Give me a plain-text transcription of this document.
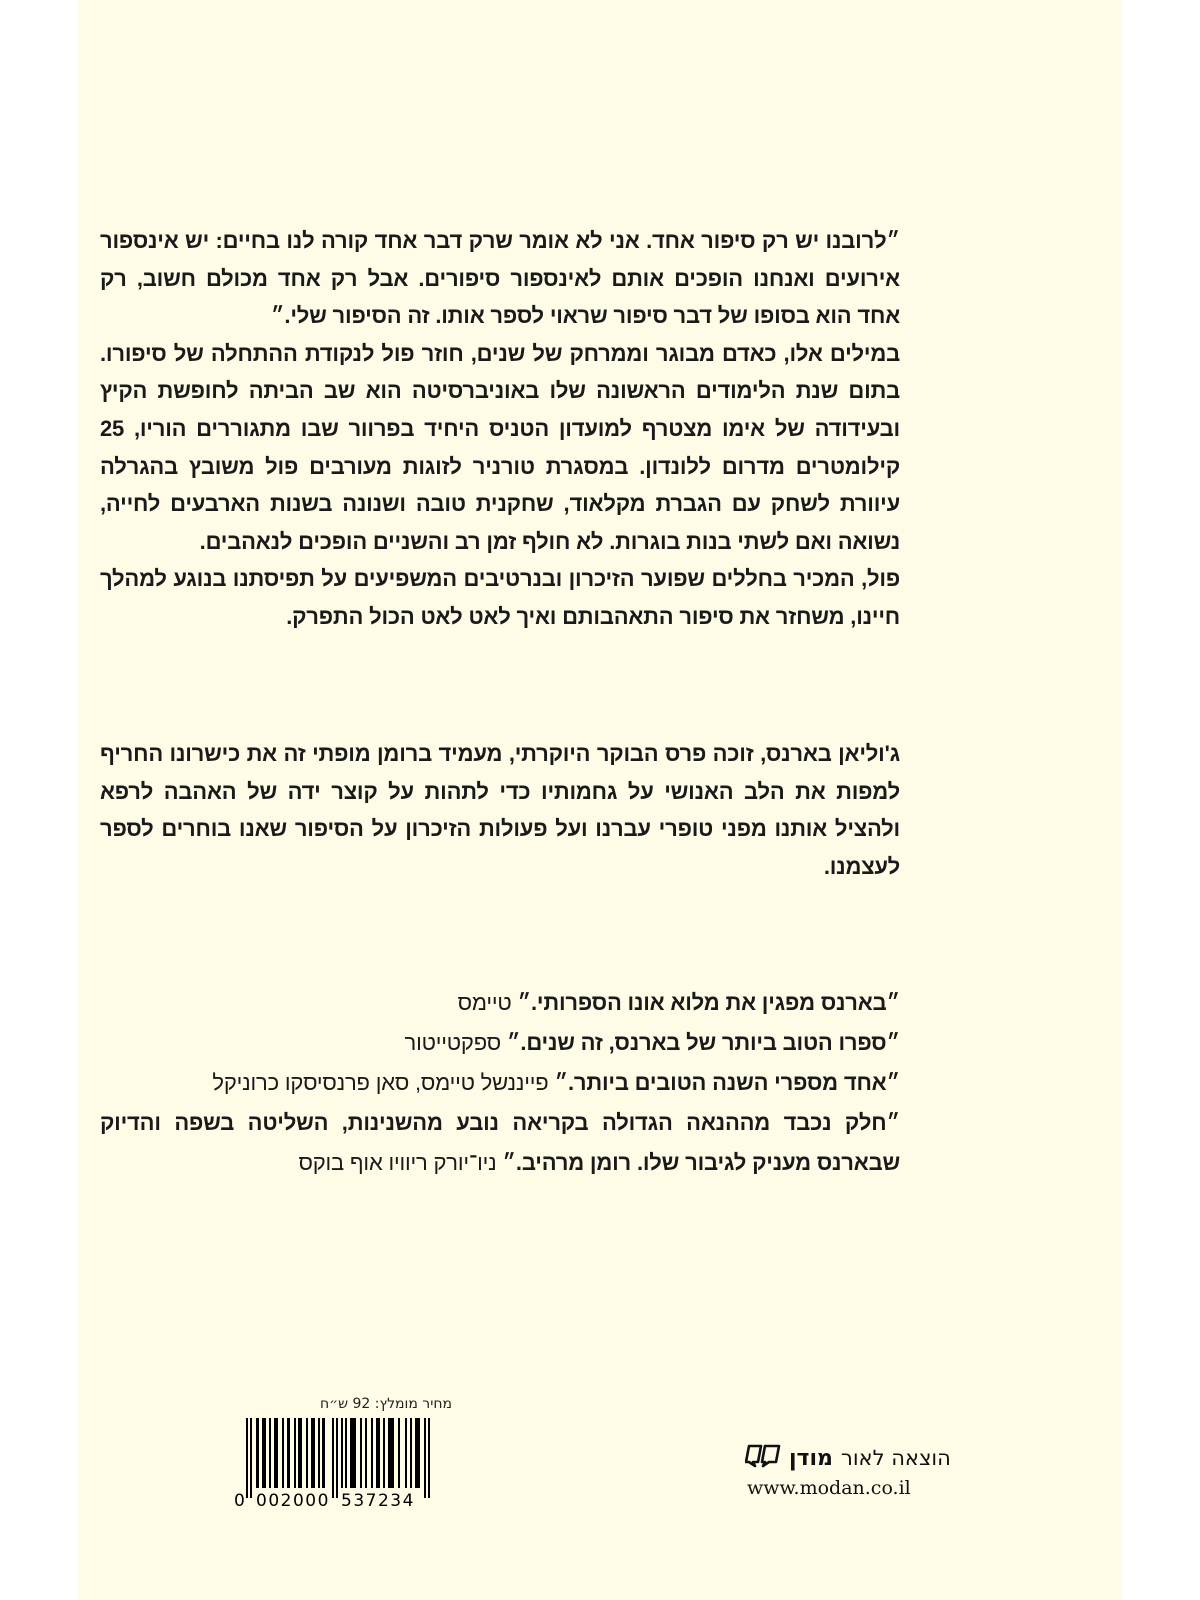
״לרובנו יש רק סיפור אחד. אני לא אומר שרק דבר אחד קורה לנו בחיים: יש אינספור אירועים ואנחנו הופכים אותם לאינספור סיפורים. אבל רק אחד מכולם חשוב, רק אחד הוא בסופו של דבר סיפור שראוי לספר אותו. זה הסיפור שלי.״

במילים אלו, כאדם מבוגר וממרחק של שנים, חוזר פול לנקודת ההתחלה של סיפורו. בתום שנת הלימודים הראשונה שלו באוניברסיטה הוא שב הביתה לחופשת הקיץ ובעידודה של אימו מצטרף למועדון הטניס היחיד בפרוור שבו מתגוררים הוריו, 25 קילומטרים מדרום ללונדון. במסגרת טורניר לזוגות מעורבים פול משובץ בהגרלה עיוורת לשחק עם הגברת מקלאוד, שחקנית טובה ושנונה בשנות הארבעים לחייה, נשואה ואם לשתי בנות בוגרות. לא חולף זמן רב והשניים הופכים לנאהבים.

פול, המכיר בחללים שפוער הזיכרון ובנרטיבים המשפיעים על תפיסתנו בנוגע למהלך חיינו, משחזר את סיפור התאהבותם ואיך לאט לאט הכול התפרק.

ג'וליאן בארנס, זוכה פרס הבוקר היוקרתי, מעמיד ברומן מופתי זה את כישרונו החריף למפות את הלב האנושי על גחמותיו כדי לתהות על קוצר ידה של האהבה לרפא ולהציל אותנו מפני טופרי עברנו ועל פעולות הזיכרון על הסיפור שאנו בוחרים לספר לעצמנו.

״בארנס מפגין את מלוא אונו הספרותי.״ טיימס

״ספרו הטוב ביותר של בארנס, זה שנים.״ ספקטייטור

״אחד מספרי השנה הטובים ביותר.״ פייננשל טיימס, סאן פרנסיסקו כרוניקל

״חלק נכבד מההנאה הגדולה בקריאה נובע מהשנינות, השליטה בשפה והדיוק שבארנס מעניק לגיבור שלו. רומן מרהיב.״ ניו־יורק ריוויו אוף בוקס

מחיר מומלץ: 92 ש״ח
0 002000 537234
מודן הוצאה לאור
www.modan.co.il
